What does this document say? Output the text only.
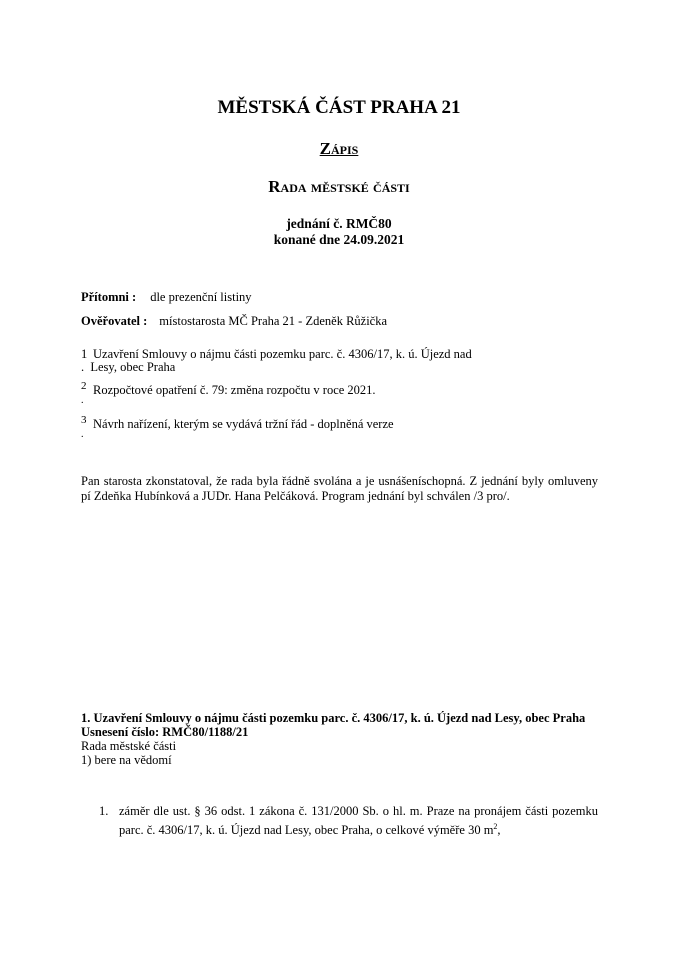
MĚSTSKÁ ČÁST PRAHA 21
Zápis
Rada městské části
jednání č. RMČ80
konané dne 24.09.2021
Přítomni : dle prezenční listiny
Ověřovatel : místostarosta MČ Praha 21 - Zdeněk Růžička
1 Uzavření Smlouvy o nájmu části pozemku parc. č. 4306/17, k. ú. Újezd nad
.  Lesy, obec Praha
$^2$ Rozpočtové opatření č. 79: změna rozpočtu v roce 2021.
.
$^3$ Návrh nařízení, kterým se vydává tržní řád - doplněná verze
.
Pan starosta zkonstatoval, že rada byla řádně svolána a je usnášeníschopná. Z jednání byly omluveny pí Zdeňka Hubínková a JUDr. Hana Pelčáková. Program jednání byl schválen /3 pro/.
1. Uzavření Smlouvy o nájmu části pozemku parc. č. 4306/17, k. ú. Újezd nad Lesy, obec Praha
Usnesení číslo: RMČ80/1188/21
Rada městské části
1) bere na vědomí
1. záměr dle ust. § 36 odst. 1 zákona č. 131/2000 Sb. o hl. m. Praze na pronájem části pozemku parc. č. 4306/17, k. ú. Újezd nad Lesy, obec Praha, o celkové výměře 30 $m^2$,
